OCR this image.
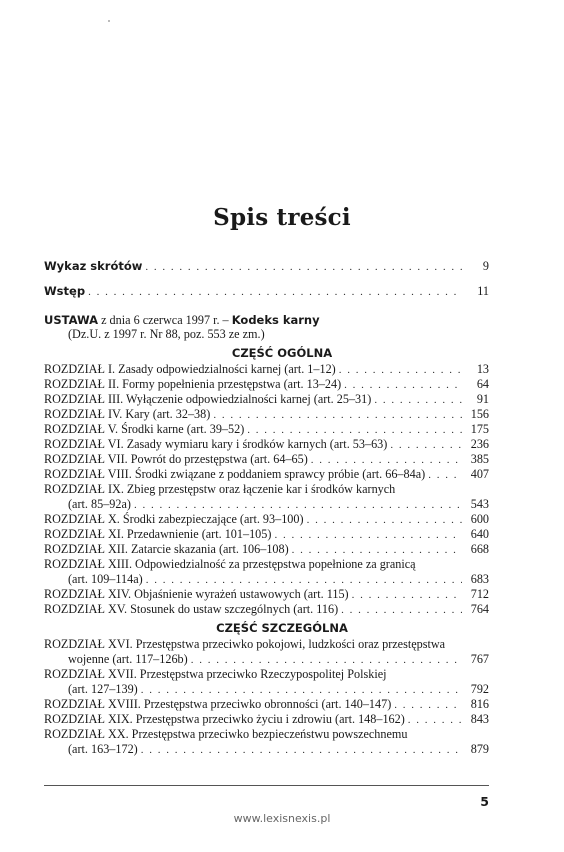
Spis treści
Wykaz skrótów . . .	9
Wstęp . . .	11
USTAWA z dnia 6 czerwca 1997 r. – Kodeks karny
(Dz.U. z 1997 r. Nr 88, poz. 553 ze zm.)
CZĘŚĆ OGÓLNA
ROZDZIAŁ I. Zasady odpowiedzialności karnej (art. 1–12) . . .	13
ROZDZIAŁ II. Formy popełnienia przestępstwa (art. 13–24) . . .	64
ROZDZIAŁ III. Wyłączenie odpowiedzialności karnej (art. 25–31) . . .	91
ROZDZIAŁ IV. Kary (art. 32–38) . . .	156
ROZDZIAŁ V. Środki karne (art. 39–52) . . .	175
ROZDZIAŁ VI. Zasady wymiaru kary i środków karnych (art. 53–63) . . .	236
ROZDZIAŁ VII. Powrót do przestępstwa (art. 64–65) . . .	385
ROZDZIAŁ VIII. Środki związane z poddaniem sprawcy próbie (art. 66–84a) . . .	407
ROZDZIAŁ IX. Zbieg przestępstw oraz łączenie kar i środków karnych
(art. 85–92a) . . .	543
ROZDZIAŁ X. Środki zabezpieczające (art. 93–100) . . .	600
ROZDZIAŁ XI. Przedawnienie (art. 101–105) . . .	640
ROZDZIAŁ XII. Zatarcie skazania (art. 106–108) . . .	668
ROZDZIAŁ XIII. Odpowiedzialność za przestępstwa popełnione za granicą
(art. 109–114a) . . .	683
ROZDZIAŁ XIV. Objaśnienie wyrażeń ustawowych (art. 115) . . .	712
ROZDZIAŁ XV. Stosunek do ustaw szczególnych (art. 116) . . .	764
CZĘŚĆ SZCZEGÓLNA
ROZDZIAŁ XVI. Przestępstwa przeciwko pokojowi, ludzkości oraz przestępstwa
wojenne (art. 117–126b) . . .	767
ROZDZIAŁ XVII. Przestępstwa przeciwko Rzeczypospolitej Polskiej
(art. 127–139) . . .	792
ROZDZIAŁ XVIII. Przestępstwa przeciwko obronności (art. 140–147) . . .	816
ROZDZIAŁ XIX. Przestępstwa przeciwko życiu i zdrowiu (art. 148–162) . . .	843
ROZDZIAŁ XX. Przestępstwa przeciwko bezpieczeństwu powszechnemu
(art. 163–172) . . .	879
5
www.lexisnexis.pl
